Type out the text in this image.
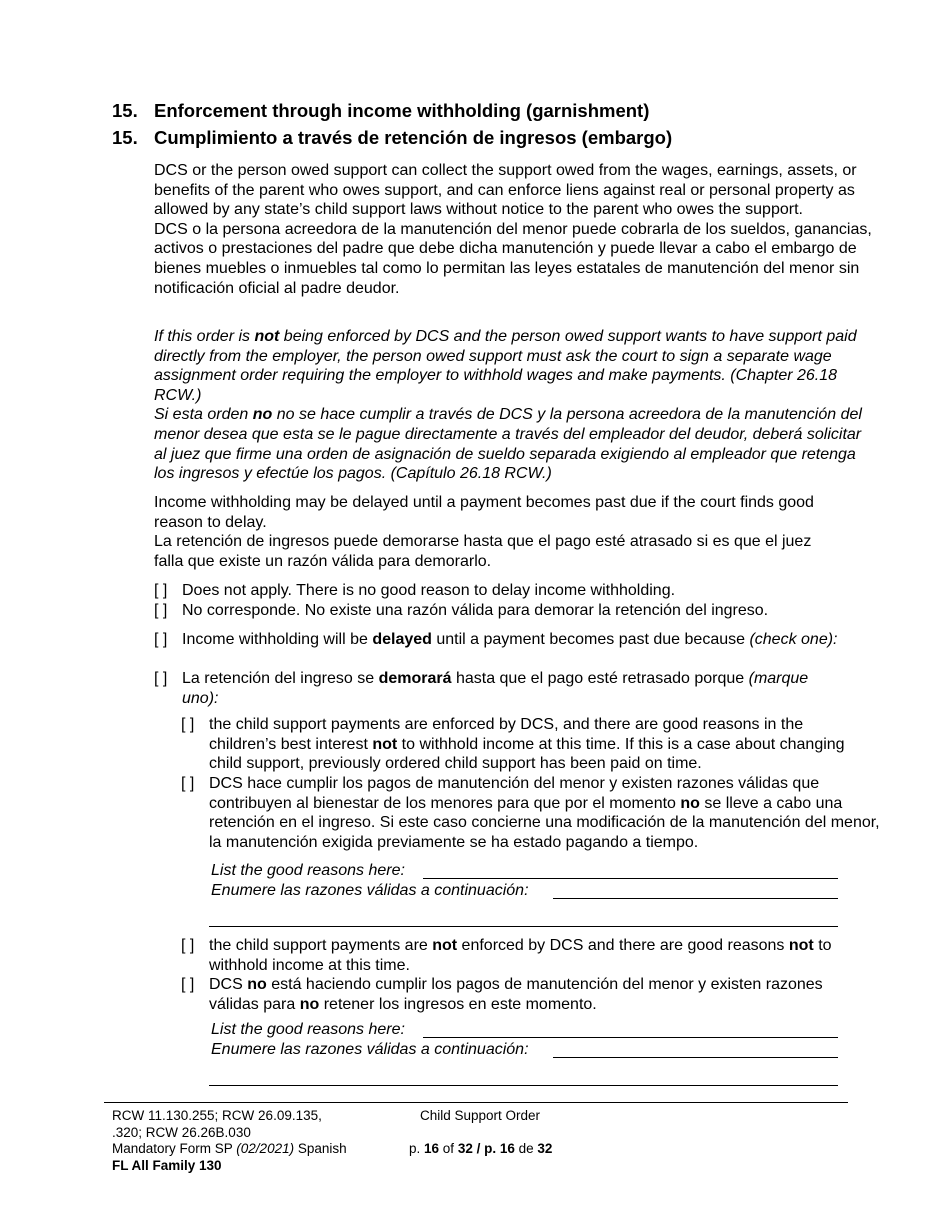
15. Enforcement through income withholding (garnishment)
15. Cumplimiento a través de retención de ingresos (embargo)
DCS or the person owed support can collect the support owed from the wages, earnings, assets, or benefits of the parent who owes support, and can enforce liens against real or personal property as allowed by any state’s child support laws without notice to the parent who owes the support.
DCS o la persona acreedora de la manutención del menor puede cobrarla de los sueldos, ganancias, activos o prestaciones del padre que debe dicha manutención y puede llevar a cabo el embargo de bienes muebles o inmuebles tal como lo permitan las leyes estatales de manutención del menor sin notificación oficial al padre deudor.
If this order is not being enforced by DCS and the person owed support wants to have support paid directly from the employer, the person owed support must ask the court to sign a separate wage assignment order requiring the employer to withhold wages and make payments. (Chapter 26.18 RCW.)
Si esta orden no no se hace cumplir a través de DCS y la persona acreedora de la manutención del menor desea que esta se le pague directamente a través del empleador del deudor, deberá solicitar al juez que firme una orden de asignación de sueldo separada exigiendo al empleador que retenga los ingresos y efectúe los pagos. (Capítulo 26.18 RCW.)
Income withholding may be delayed until a payment becomes past due if the court finds good reason to delay.
La retención de ingresos puede demorarse hasta que el pago esté atrasado si es que el juez falla que existe un razón válida para demorarlo.
[ ] Does not apply. There is no good reason to delay income withholding.
[ ] No corresponde. No existe una razón válida para demorar la retención del ingreso.
[ ] Income withholding will be delayed until a payment becomes past due because (check one):
[ ] La retención del ingreso se demorará hasta que el pago esté retrasado porque (marque uno):
[ ] the child support payments are enforced by DCS, and there are good reasons in the children’s best interest not to withhold income at this time. If this is a case about changing child support, previously ordered child support has been paid on time.
[ ] DCS hace cumplir los pagos de manutención del menor y existen razones válidas que contribuyen al bienestar de los menores para que por el momento no se lleve a cabo una retención en el ingreso. Si este caso concierne una modificación de la manutención del menor, la manutención exigida previamente se ha estado pagando a tiempo.
List the good reasons here:
Enumere las razones válidas a continuación:
[ ] the child support payments are not enforced by DCS and there are good reasons not to withhold income at this time.
[ ] DCS no está haciendo cumplir los pagos de manutención del menor y existen razones válidas para no retener los ingresos en este momento.
List the good reasons here:
Enumere las razones válidas a continuación:
RCW 11.130.255; RCW 26.09.135,
.320; RCW 26.26B.030
Mandatory Form SP (02/2021) Spanish
FL All Family 130
Child Support Order
p. 16 of 32 / p. 16 de 32
